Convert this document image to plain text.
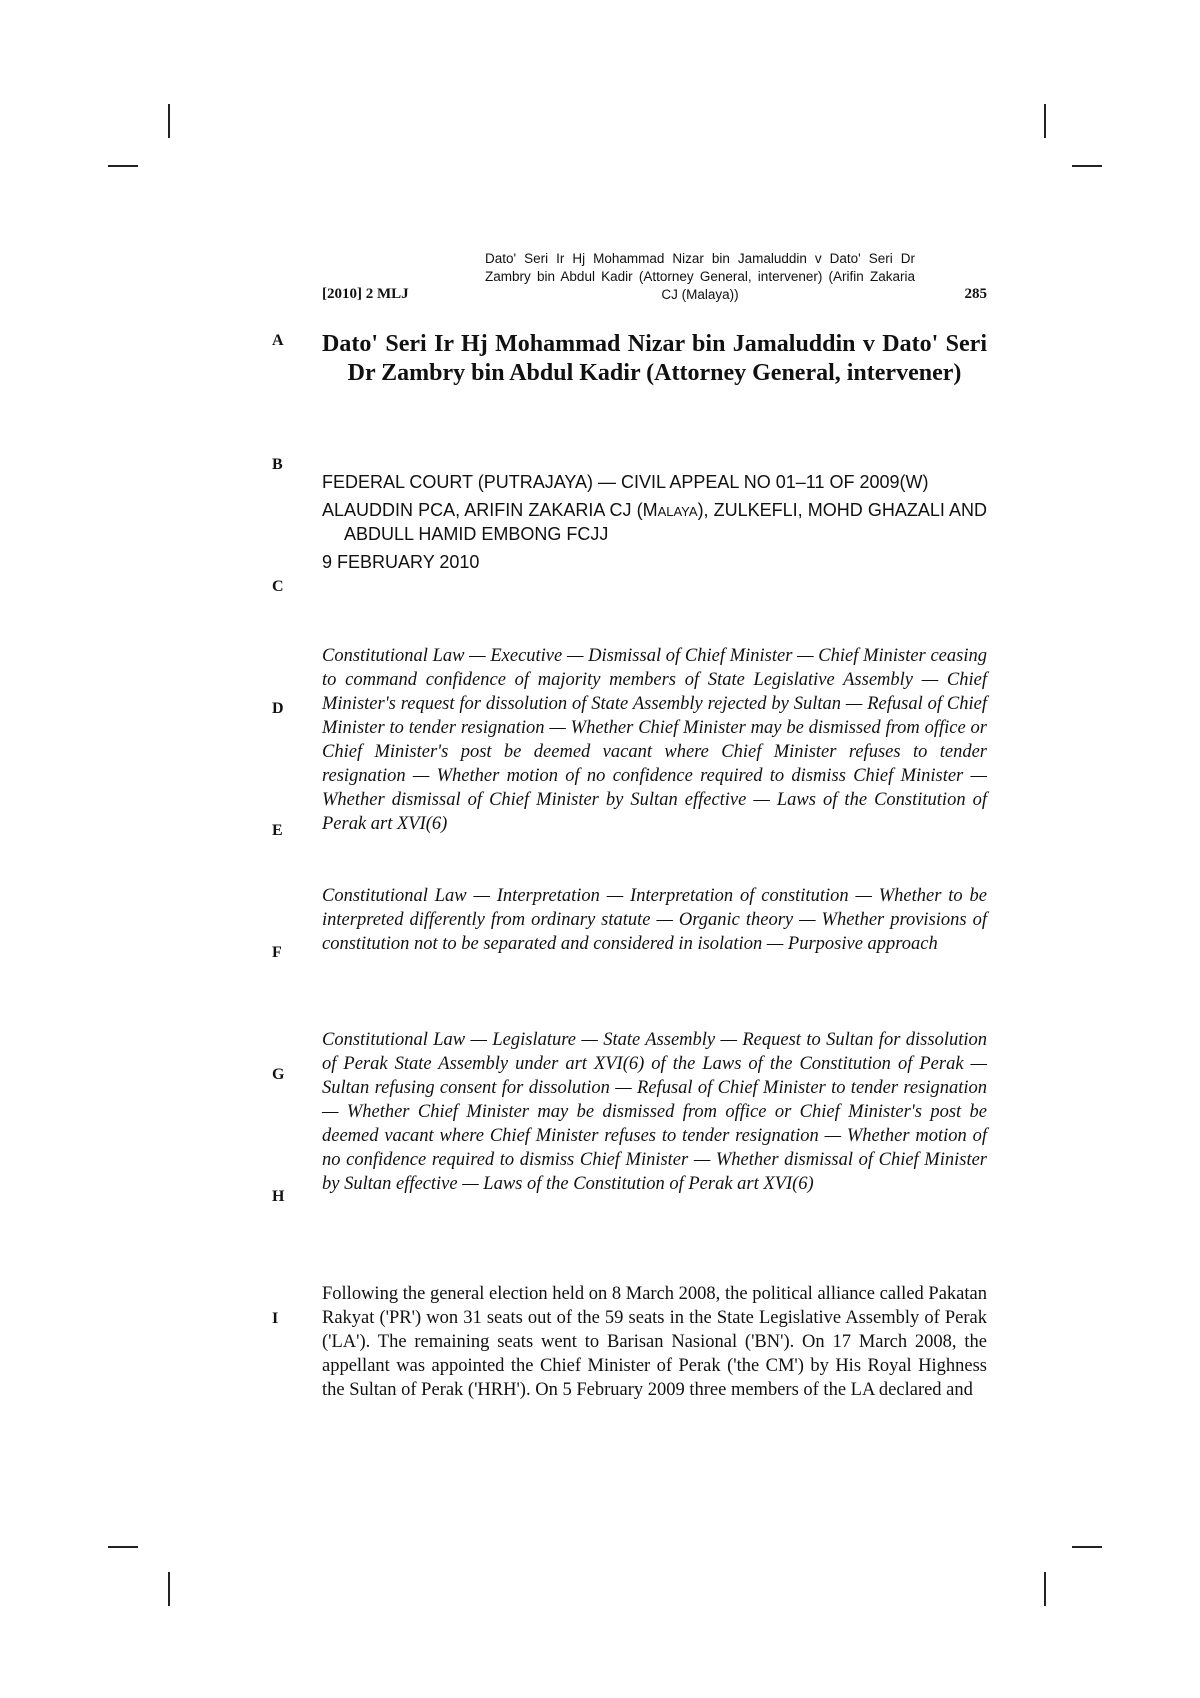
[2010] 2 MLJ
Dato' Seri Ir Hj Mohammad Nizar bin Jamaluddin v Dato' Seri Dr Zambry bin Abdul Kadir (Attorney General, intervener) (Arifin Zakaria CJ (Malaya))	285
A
B
C
D
E
F
G
H
I
Dato' Seri Ir Hj Mohammad Nizar bin Jamaluddin v Dato' Seri Dr Zambry bin Abdul Kadir (Attorney General, intervener)

FEDERAL COURT (PUTRAJAYA) — CIVIL APPEAL NO 01–11 OF 2009(W)

ALAUDDIN PCA, ARIFIN ZAKARIA CJ (Malaya), ZULKEFLI, MOHD GHAZALI AND ABDULL HAMID EMBONG FCJJ

9 FEBRUARY 2010

Constitutional Law — Executive — Dismissal of Chief Minister — Chief Minister ceasing to command confidence of majority members of State Legislative Assembly — Chief Minister's request for dissolution of State Assembly rejected by Sultan — Refusal of Chief Minister to tender resignation — Whether Chief Minister may be dismissed from office or Chief Minister's post be deemed vacant where Chief Minister refuses to tender resignation — Whether motion of no confidence required to dismiss Chief Minister — Whether dismissal of Chief Minister by Sultan effective — Laws of the Constitution of Perak art XVI(6)

Constitutional Law — Interpretation — Interpretation of constitution — Whether to be interpreted differently from ordinary statute — Organic theory — Whether provisions of constitution not to be separated and considered in isolation — Purposive approach

Constitutional Law — Legislature — State Assembly — Request to Sultan for dissolution of Perak State Assembly under art XVI(6) of the Laws of the Constitution of Perak — Sultan refusing consent for dissolution — Refusal of Chief Minister to tender resignation — Whether Chief Minister may be dismissed from office or Chief Minister's post be deemed vacant where Chief Minister refuses to tender resignation — Whether motion of no confidence required to dismiss Chief Minister — Whether dismissal of Chief Minister by Sultan effective — Laws of the Constitution of Perak art XVI(6)

Following the general election held on 8 March 2008, the political alliance called Pakatan Rakyat ('PR') won 31 seats out of the 59 seats in the State Legislative Assembly of Perak ('LA'). The remaining seats went to Barisan Nasional ('BN'). On 17 March 2008, the appellant was appointed the Chief Minister of Perak ('the CM') by His Royal Highness the Sultan of Perak ('HRH'). On 5 February 2009 three members of the LA declared and
